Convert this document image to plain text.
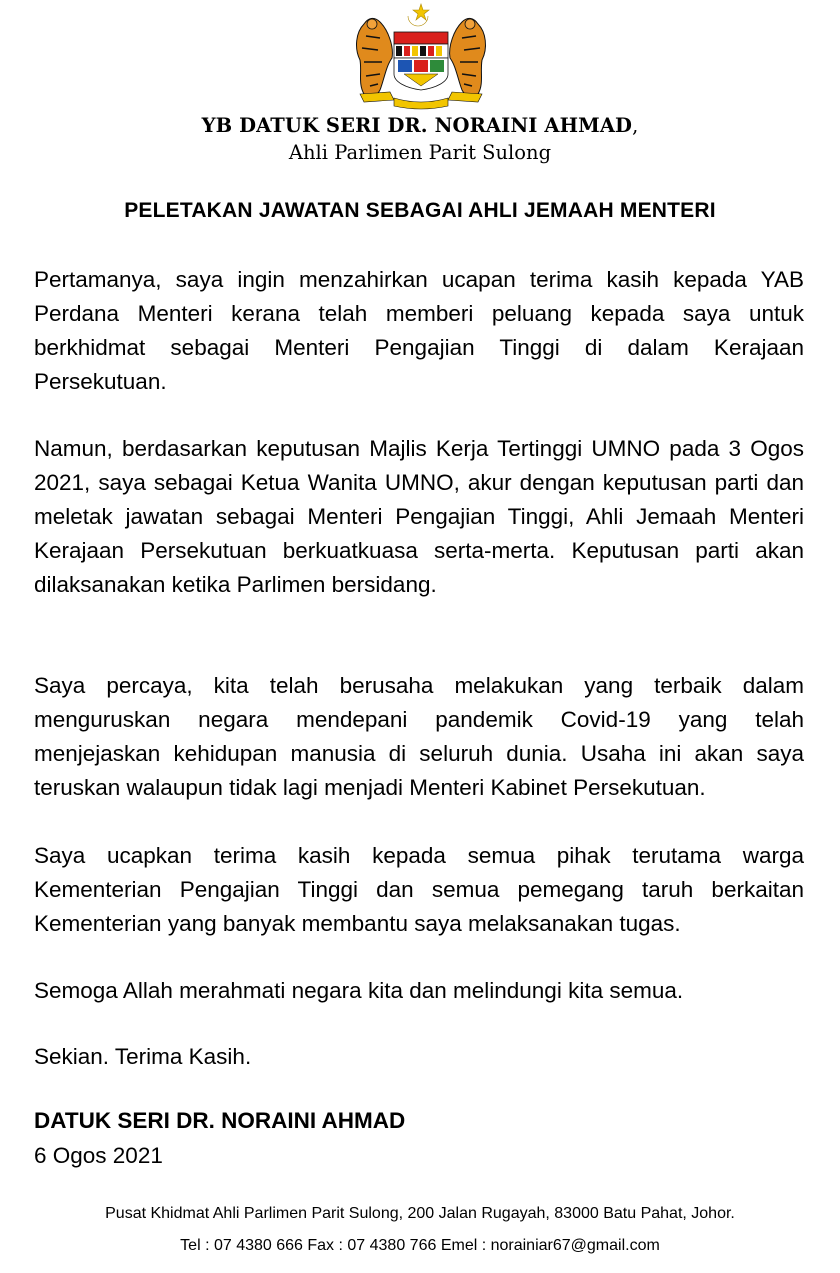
YB DATUK SERI DR. NORAINI AHMAD,
Ahli Parlimen Parit Sulong
PELETAKAN JAWATAN SEBAGAI AHLI JEMAAH MENTERI

Pertamanya, saya ingin menzahirkan ucapan terima kasih kepada YAB Perdana Menteri kerana telah memberi peluang kepada saya untuk berkhidmat sebagai Menteri Pengajian Tinggi di dalam Kerajaan Persekutuan.

Namun, berdasarkan keputusan Majlis Kerja Tertinggi UMNO pada 3 Ogos 2021, saya sebagai Ketua Wanita UMNO, akur dengan keputusan parti dan meletak jawatan sebagai Menteri Pengajian Tinggi, Ahli Jemaah Menteri Kerajaan Persekutuan berkuatkuasa serta-merta. Keputusan parti akan dilaksanakan ketika Parlimen bersidang.

Saya percaya, kita telah berusaha melakukan yang terbaik dalam menguruskan negara mendepani pandemik Covid-19 yang telah menjejaskan kehidupan manusia di seluruh dunia. Usaha ini akan saya teruskan walaupun tidak lagi menjadi Menteri Kabinet Persekutuan.

Saya ucapkan terima kasih kepada semua pihak terutama warga Kementerian Pengajian Tinggi dan semua pemegang taruh berkaitan Kementerian yang banyak membantu saya melaksanakan tugas.

Semoga Allah merahmati negara kita dan melindungi kita semua.

Sekian. Terima Kasih.

DATUK SERI DR. NORAINI AHMAD
6 Ogos 2021
Pusat Khidmat Ahli Parlimen Parit Sulong, 200 Jalan Rugayah, 83000 Batu Pahat, Johor.
Tel : 07 4380 666 Fax : 07 4380 766 Emel : norainiar67@gmail.com
